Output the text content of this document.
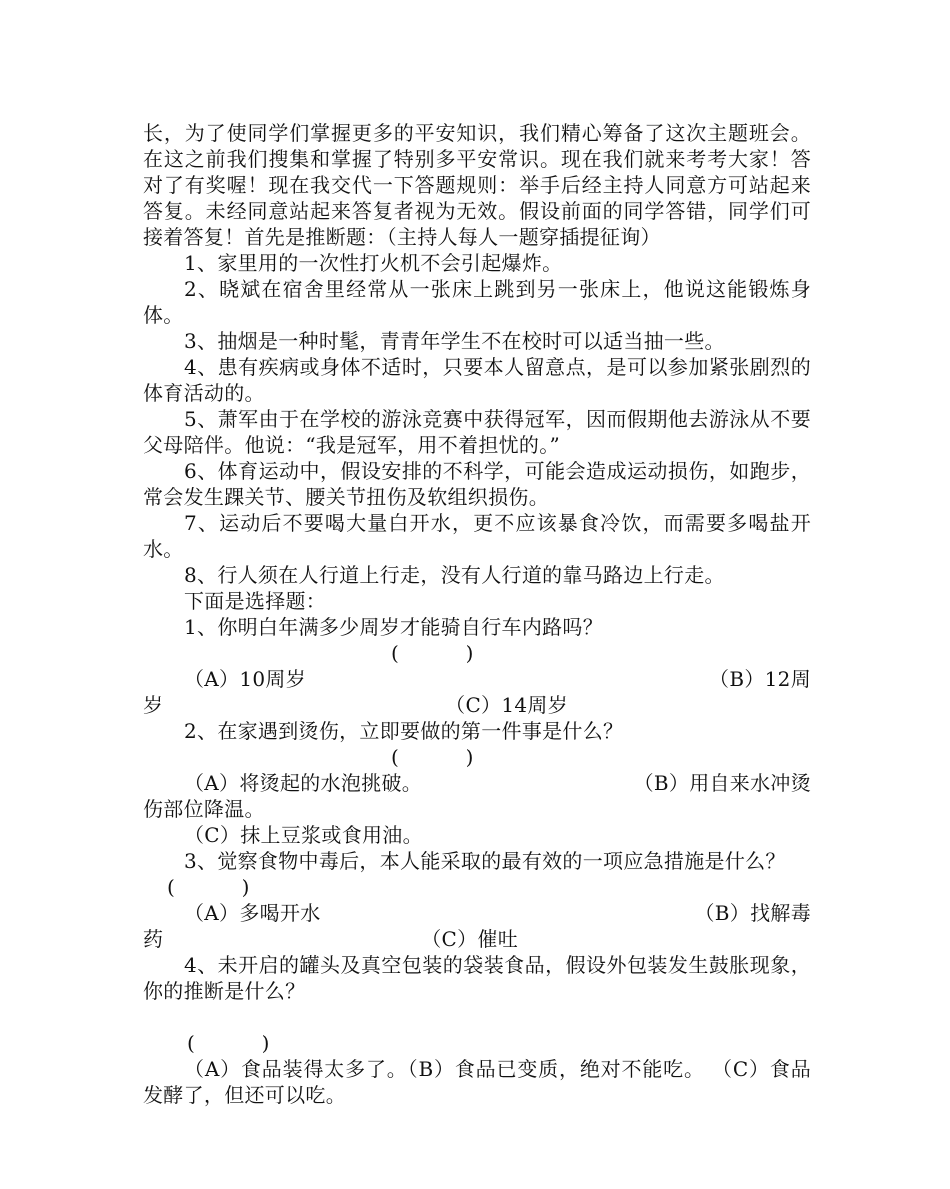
长，为了使同学们掌握更多的平安知识，我们精心筹备了这次主题班会。在这之前我们搜集和掌握了特别多平安常识。现在我们就来考考大家！答对了有奖喔！现在我交代一下答题规则：举手后经主持人同意方可站起来答复。未经同意站起来答复者视为无效。假设前面的同学答错，同学们可接着答复！首先是推断题：（主持人每人一题穿插提征询）

1、家里用的一次性打火机不会引起爆炸。

2、晓斌在宿舍里经常从一张床上跳到另一张床上，他说这能锻炼身体。

3、抽烟是一种时髦，青青年学生不在校时可以适当抽一些。

4、患有疾病或身体不适时，只要本人留意点，是可以参加紧张剧烈的体育活动的。

5、萧军由于在学校的游泳竞赛中获得冠军，因而假期他去游泳从不要父母陪伴。他说：“我是冠军，用不着担忧的。”

6、体育运动中，假设安排的不科学，可能会造成运动损伤，如跑步，常会发生踝关节、腰关节扭伤及软组织损伤。

7、运动后不要喝大量白开水，更不应该暴食冷饮，而需要多喝盐开水。

8、行人须在人行道上行走，没有人行道的靠马路边上行走。

下面是选择题：

1、你明白年满多少周岁才能骑自行车内路吗？

(          )

（A）10周岁	（B）12周
岁	（C）14周岁

2、在家遇到烫伤，立即要做的第一件事是什么？

(          )

（A）将烫起的水泡挑破。	（B）用自来水冲烫

伤部位降温。

（C）抹上豆浆或食用油。

3、觉察食物中毒后，本人能采取的最有效的一项应急措施是什么？

(          )

（A）多喝开水	（B）找解毒
药	（C）催吐

4、未开启的罐头及真空包装的袋装食品，假设外包装发生鼓胀现象，你的推断是什么？

(          )

（A）食品装得太多了。（B）食品已变质，绝对不能吃。 （C）食品发酵了，但还可以吃。
